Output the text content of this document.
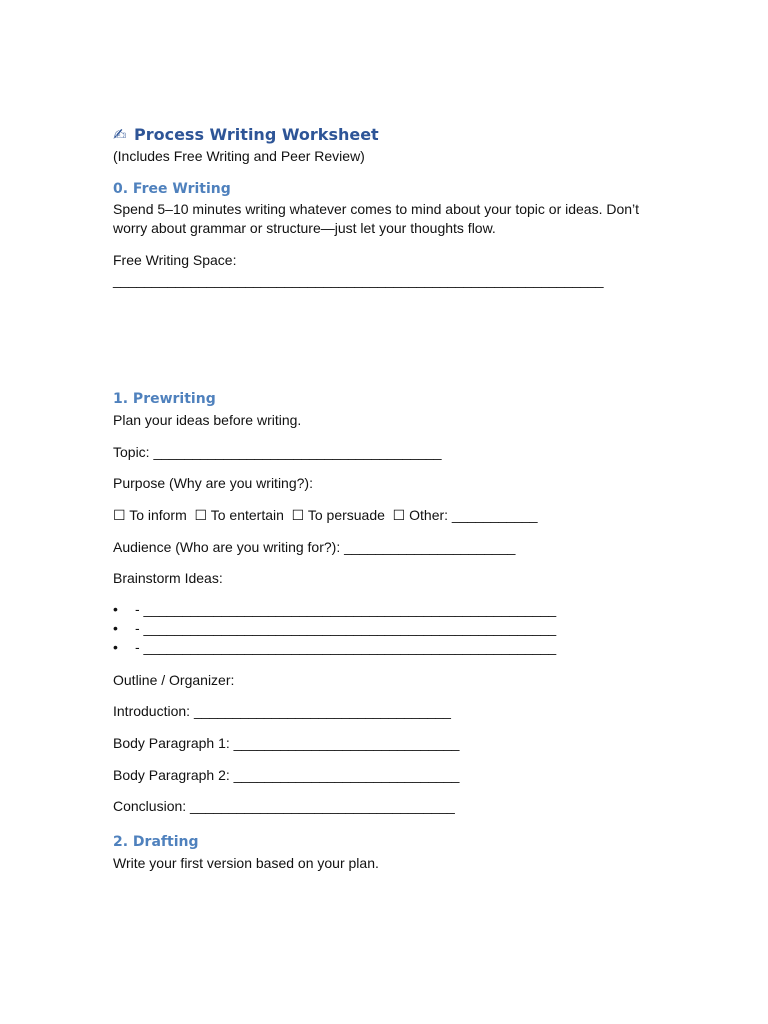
✍ Process Writing Worksheet
(Includes Free Writing and Peer Review)
0. Free Writing

Spend 5–10 minutes writing whatever comes to mind about your topic or ideas. Don’t worry about grammar or structure—just let your thoughts flow.

Free Writing Space:

_______________________________________________________________

1. Prewriting

Plan your ideas before writing.

Topic: _____________________________________

Purpose (Why are you writing?):

☐ To inform  ☐ To entertain  ☐ To persuade  ☐ Other: ___________

Audience (Who are you writing for?): ______________________

Brainstorm Ideas:

• - _____________________________________________________
• - _____________________________________________________
• - _____________________________________________________

Outline / Organizer:

Introduction: _________________________________

Body Paragraph 1: _____________________________

Body Paragraph 2: _____________________________

Conclusion: __________________________________

2. Drafting

Write your first version based on your plan.
